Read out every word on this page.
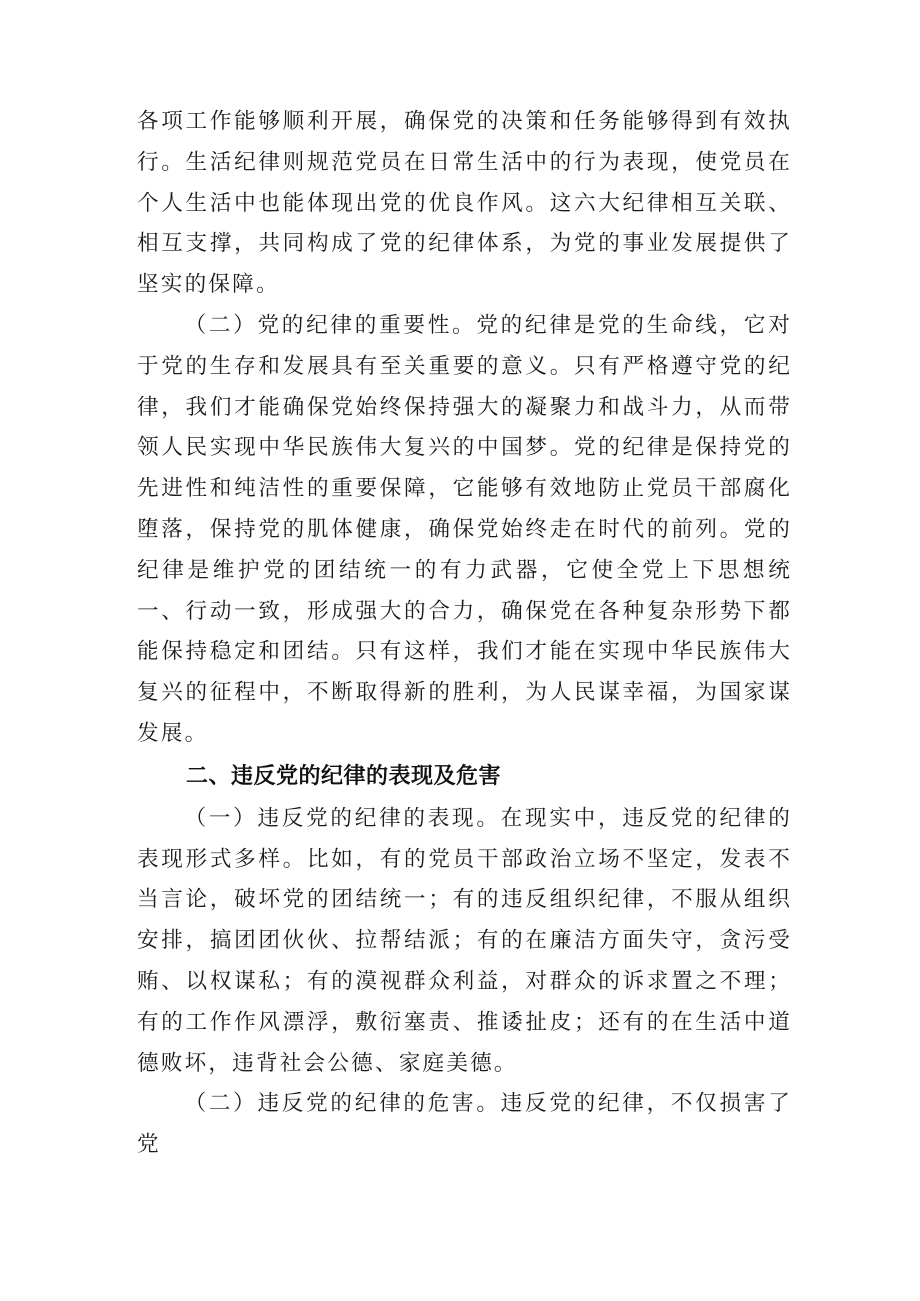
各项工作能够顺利开展，确保党的决策和任务能够得到有效执行。生活纪律则规范党员在日常生活中的行为表现，使党员在个人生活中也能体现出党的优良作风。这六大纪律相互关联、相互支撑，共同构成了党的纪律体系，为党的事业发展提供了坚实的保障。

（二）党的纪律的重要性。党的纪律是党的生命线，它对于党的生存和发展具有至关重要的意义。只有严格遵守党的纪律，我们才能确保党始终保持强大的凝聚力和战斗力，从而带领人民实现中华民族伟大复兴的中国梦。党的纪律是保持党的先进性和纯洁性的重要保障，它能够有效地防止党员干部腐化堕落，保持党的肌体健康，确保党始终走在时代的前列。党的纪律是维护党的团结统一的有力武器，它使全党上下思想统一、行动一致，形成强大的合力，确保党在各种复杂形势下都能保持稳定和团结。只有这样，我们才能在实现中华民族伟大复兴的征程中，不断取得新的胜利，为人民谋幸福，为国家谋发展。

二、违反党的纪律的表现及危害

（一）违反党的纪律的表现。在现实中，违反党的纪律的表现形式多样。比如，有的党员干部政治立场不坚定，发表不当言论，破坏党的团结统一；有的违反组织纪律，不服从组织安排，搞团团伙伙、拉帮结派；有的在廉洁方面失守，贪污受贿、以权谋私；有的漠视群众利益，对群众的诉求置之不理；有的工作作风漂浮，敷衍塞责、推诿扯皮；还有的在生活中道德败坏，违背社会公德、家庭美德。

（二）违反党的纪律的危害。违反党的纪律，不仅损害了党
